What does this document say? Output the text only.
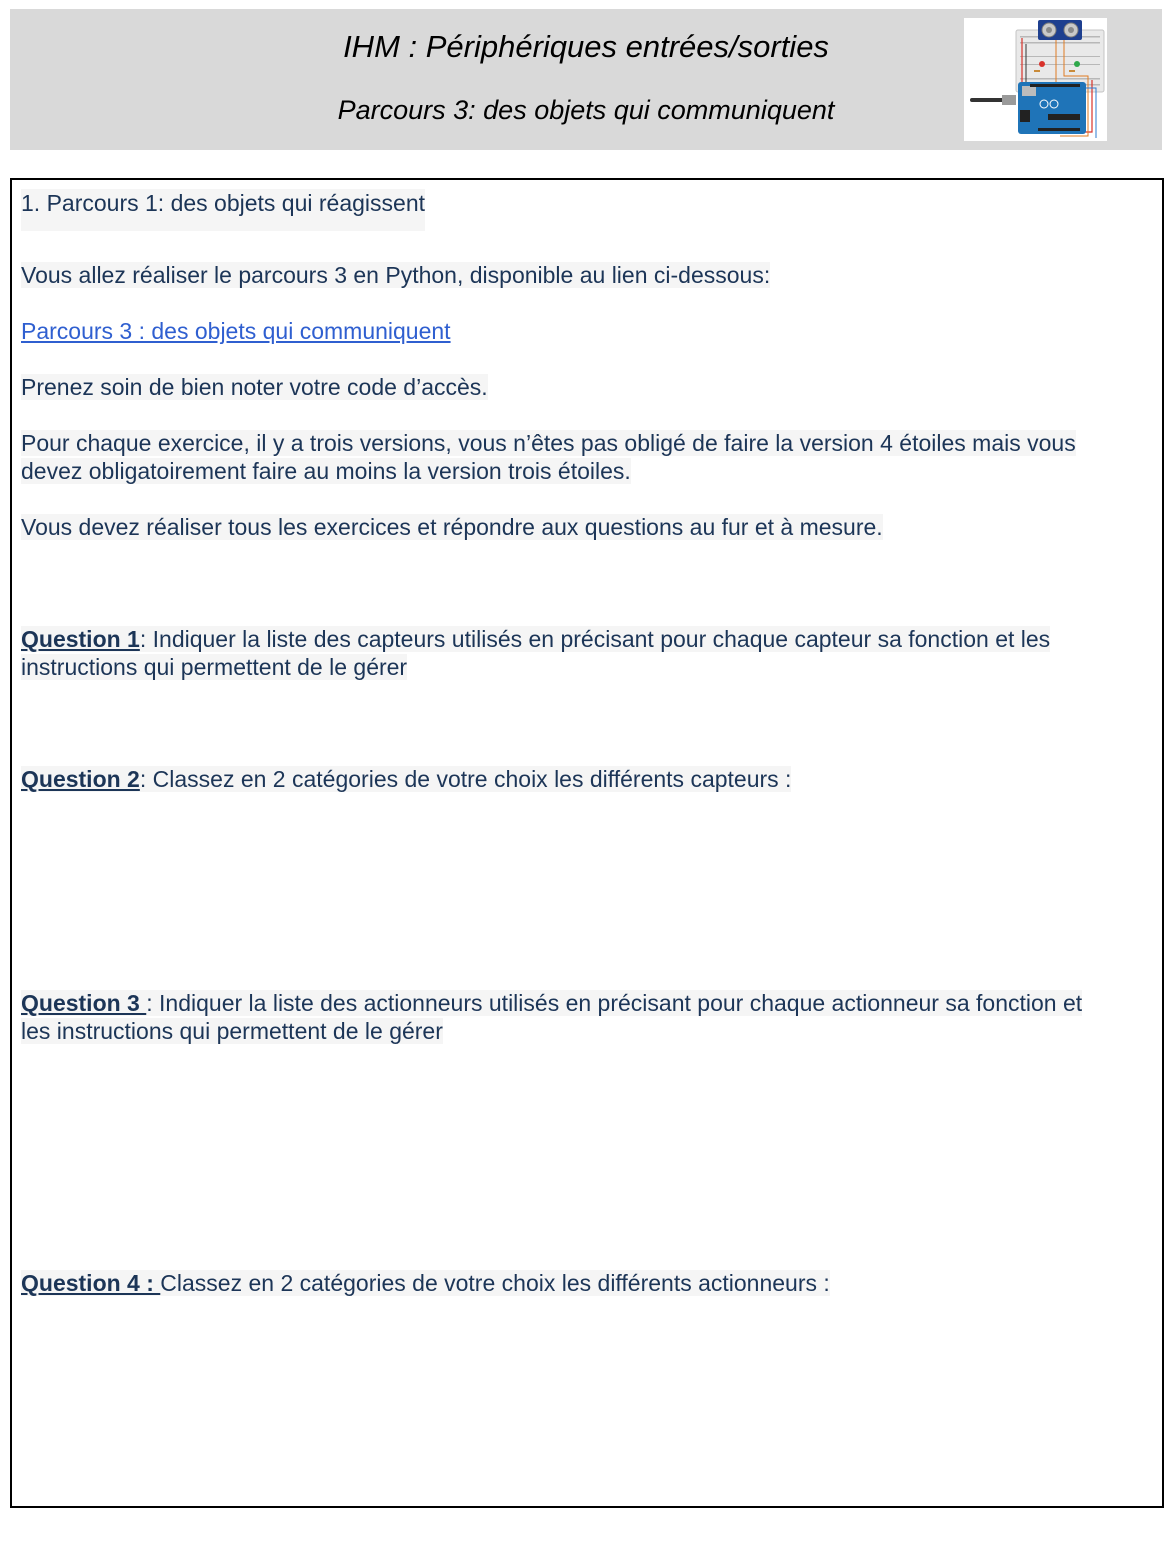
IHM : Périphériques entrées/sorties
Parcours 3: des objets qui communiquent
1. Parcours 1: des objets qui réagissent
Vous allez réaliser le parcours 3 en Python, disponible au lien ci-dessous:
Parcours 3 : des objets qui communiquent
Prenez soin de bien noter votre code d’accès.
Pour chaque exercice, il y a trois versions, vous n’êtes pas obligé de faire la version 4 étoiles mais vous
devez obligatoirement faire au moins la version trois étoiles.
Vous devez réaliser tous les exercices et répondre aux questions au fur et à mesure.
Question 1: Indiquer la liste des capteurs utilisés en précisant pour chaque capteur sa fonction et les
instructions qui permettent de le gérer
Question 2: Classez en 2 catégories de votre choix les différents capteurs :
Question 3 : Indiquer la liste des actionneurs utilisés en précisant pour chaque actionneur sa fonction et
les instructions qui permettent de le gérer
Question 4 : Classez en 2 catégories de votre choix les différents actionneurs :
